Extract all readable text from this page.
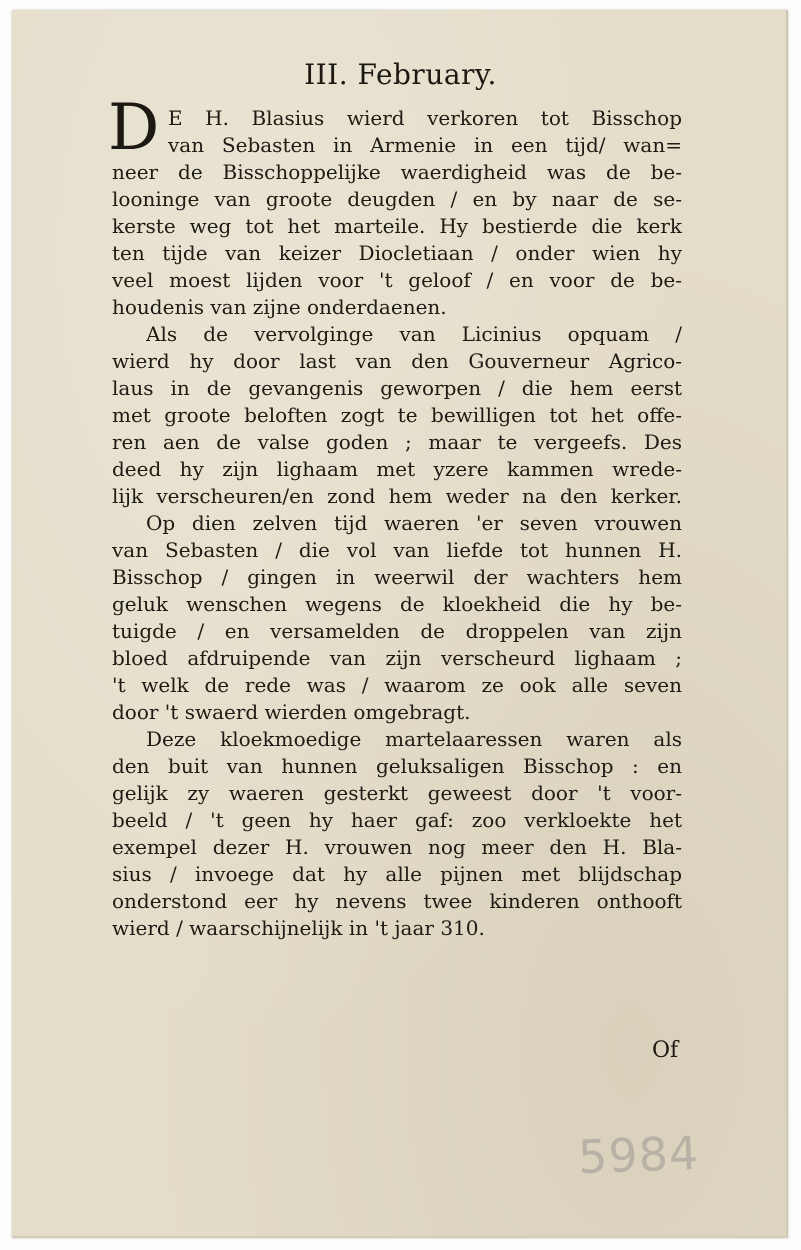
III. February.
D E H. Blasius wierd verkoren tot Bisschop
van Sebasten in Armenie in een tijd/ wan=
neer de Bisschoppelijke waerdigheid was de be-
looninge van groote deugden / en by naar de se-
kerste weg tot het marteile. Hy bestierde die kerk
ten tijde van keizer Diocletiaan / onder wien hy
veel moest lijden voor 't geloof / en voor de be-
houdenis van zijne onderdaenen.
Als de vervolginge van Licinius opquam /
wierd hy door last van den Gouverneur Agrico-
laus in de gevangenis geworpen / die hem eerst
met groote beloften zogt te bewilligen tot het offe-
ren aen de valse goden ; maar te vergeefs. Des
deed hy zijn lighaam met yzere kammen wrede-
lijk verscheuren/en zond hem weder na den kerker.
Op dien zelven tijd waeren 'er seven vrouwen
van Sebasten / die vol van liefde tot hunnen H.
Bisschop / gingen in weerwil der wachters hem
geluk wenschen wegens de kloekheid die hy be-
tuigde / en versamelden de droppelen van zijn
bloed afdruipende van zijn verscheurd lighaam ;
't welk de rede was / waarom ze ook alle seven
door 't swaerd wierden omgebragt.
Deze kloekmoedige martelaaressen waren als
den buit van hunnen geluksaligen Bisschop : en
gelijk zy waeren gesterkt geweest door 't voor-
beeld / 't geen hy haer gaf: zoo verkloekte het
exempel dezer H. vrouwen nog meer den H. Bla-
sius / invoege dat hy alle pijnen met blijdschap
onderstond eer hy nevens twee kinderen onthooft
wierd / waarschijnelijk in 't jaar 310.
Of
5984
